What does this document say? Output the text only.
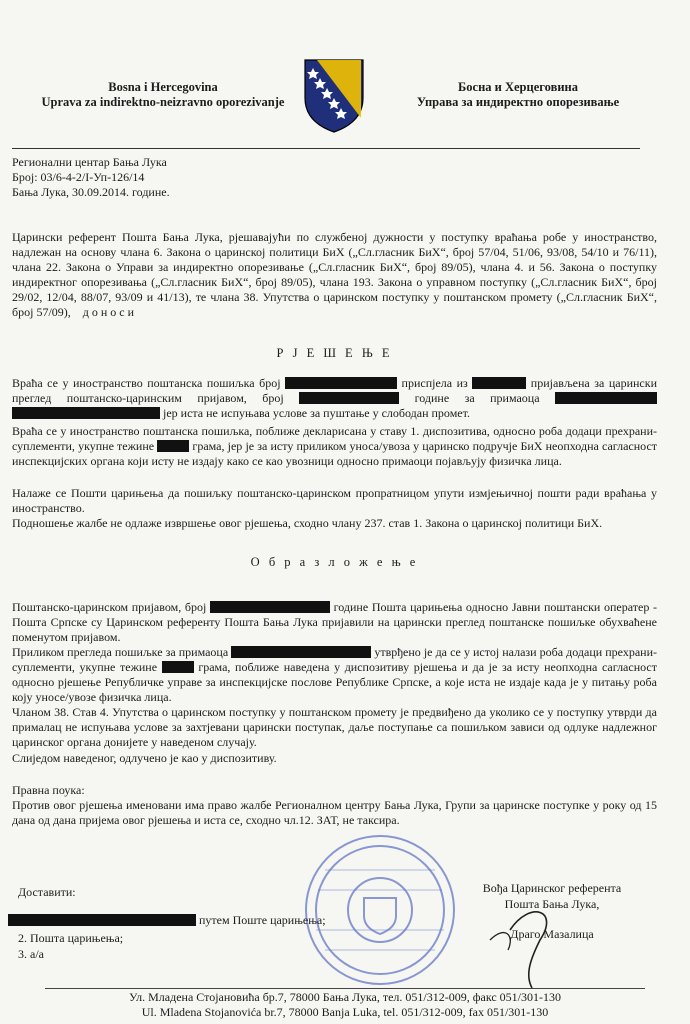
Bosna i Hercegovina
Uprava za indirektno-neizravno oporezivanje
Босна и Херцеговина
Управа за индиректно опорезивање
Регионални центар Бања Лука
Број: 03/6-4-2/I-Уп-126/14
Бања Лука, 30.09.2014. године.
Царински референт Пошта Бања Лука, рјешавајући по службеној дужности у поступку враћања робе у иностранство, надлежан на основу члана 6. Закона о царинској политици БиХ („Сл.гласник БиХ“, број 57/04, 51/06, 93/08, 54/10 и 76/11), члана 22. Закона о Управи за индиректно опорезивање („Сл.гласник БиХ“, број 89/05), члана 4. и 56. Закона о поступку индиректног опорезивања („Сл.гласник БиХ“, број 89/05), члана 193. Закона о управном поступку („Сл.гласник БиХ“, број 29/02, 12/04, 88/07, 93/09 и 41/13), те члана 38. Упутства о царинском поступку у поштанском промету („Сл.гласник БиХ“, број 57/09), д о н о с и
Р Ј Е Ш Е Њ Е
Враћа се у иностранство поштанска пошиљка број	приспјела из	пријављена за царински преглед поштанско-царинским пријавом, број	године за примаоца   јер иста не испуњава услове за пуштање у слободан промет.
Враћа се у иностранство поштанска пошиљка, поближе декларисана у ставу 1. диспозитива, односно роба додаци прехрани-суплементи, укупне тежине	грама, јер је за исту приликом уноса/увоза у царинско подручје БиХ неопходна сагласност инспекцијских органа који исту не издају како се као увозници односно примаоци појављују физичка лица.
Налаже се Пошти царињења да пошиљку поштанско-царинском пропратницом упути измјењичној пошти ради враћања у иностранство.
Подношење жалбе не одлаже извршење овог рјешења, сходно члану 237. став 1. Закона о царинској политици БиХ.
О б р а з л о ж е њ е
Поштанско-царинском пријавом, број	године Пошта царињења односно Јавни поштански оператер - Пошта Српске су Царинском референту Пошта Бања Лука пријавили на царински преглед поштанске пошиљке обухваћене поменутом пријавом.
Приликом прегледа пошиљке за примаоца	утврђено је да се у истој налази роба додаци прехрани-суплементи, укупне тежине	грама, поближе наведена у диспозитиву рјешења и да је за исту неопходна сагласност односно рјешење Републичке управе за инспекцијске послове Републике Српске, а које иста не издаје када је у питању роба коју уносе/увозе физичка лица.
Чланом 38. Став 4. Упутства о царинском поступку у поштанском промету је предвиђено да уколико се у поступку утврди да прималац не испуњава услове за захтјевани царински поступак, даље поступање са пошиљком зависи од одлуке надлежног царинског органа донијете у наведеном случају.
Слиједом наведеног, одлучено је као у диспозитиву.
Правна поука:
Против овог рјешења именовани има право жалбе Регионалном центру Бања Лука, Групи за царинске поступке у року од 15 дана од дана пријема овог рјешења и иста се, сходно чл.12. ЗАТ, не таксира.
Вођа Царинског референта
Пошта Бања Лука,
Драго Мазалица
Доставити:
путем Поште царињења;
2. Пошта царињења;
3. а/а
Ул. Младена Стојановића бр.7, 78000 Бања Лука, тел. 051/312-009, факс 051/301-130
Ul. Mladena Stojanovića br.7, 78000 Banja Luka, tel. 051/312-009, fax 051/301-130
